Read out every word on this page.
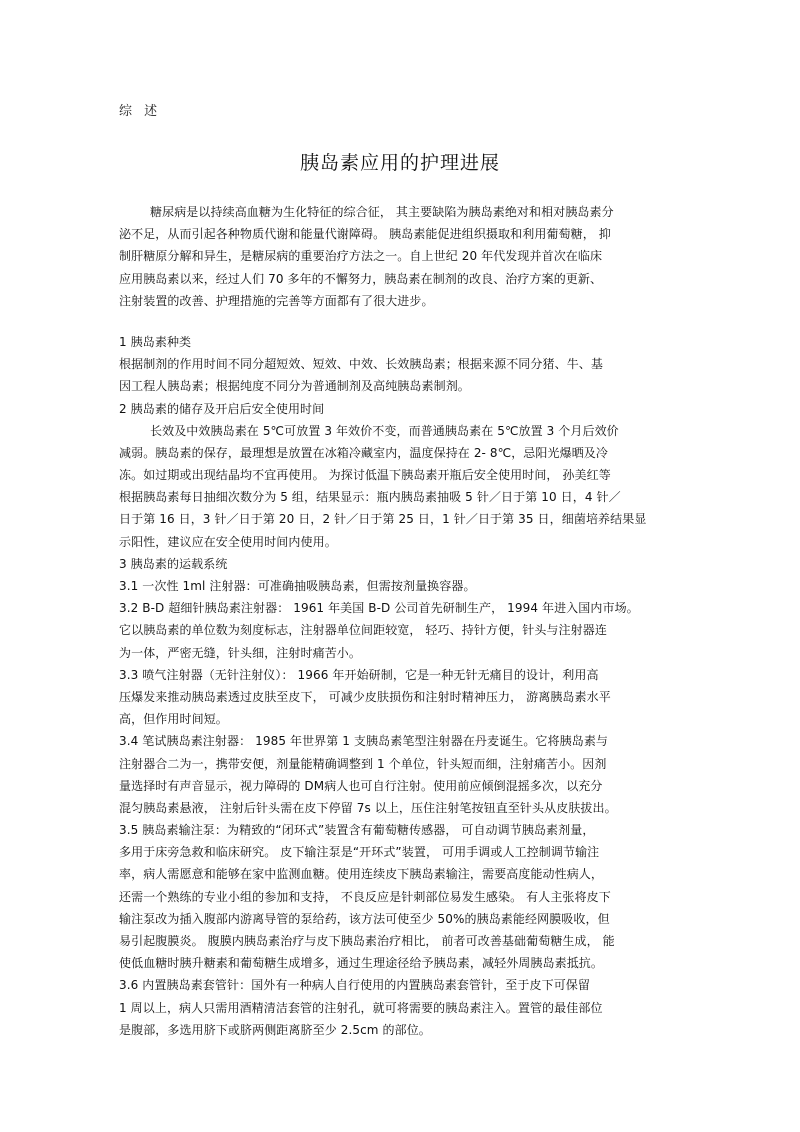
综 述
胰岛素应用的护理进展
糖尿病是以持续高血糖为生化特征的综合征， 其主要缺陷为胰岛素绝对和相对胰岛素分
泌不足，从而引起各种物质代谢和能量代谢障碍。 胰岛素能促进组织摄取和利用葡萄糖， 抑
制肝糖原分解和异生，是糖尿病的重要治疗方法之一。自上世纪 20 年代发现并首次在临床
应用胰岛素以来，经过人们 70 多年的不懈努力，胰岛素在制剂的改良、治疗方案的更新、
注射装置的改善、护理措施的完善等方面都有了很大进步。
1 胰岛素种类
根据制剂的作用时间不同分超短效、短效、中效、长效胰岛素；根据来源不同分猪、牛、基
因工程人胰岛素；根据纯度不同分为普通制剂及高纯胰岛素制剂。
2 胰岛素的储存及开启后安全使用时间
长效及中效胰岛素在 5℃可放置 3 年效价不变，而普通胰岛素在 5℃放置 3 个月后效价
减弱。胰岛素的保存，最理想是放置在冰箱冷藏室内，温度保持在 2- 8℃，忌阳光爆晒及冷
冻。如过期或出现结晶均不宜再使用。 为探讨低温下胰岛素开瓶后安全使用时间， 孙美红等
根据胰岛素每日抽细次数分为 5 组，结果显示：瓶内胰岛素抽吸 5 针／日于第 10 日，4 针／
日于第 16 日，3 针／日于第 20 日，2 针／日于第 25 日，1 针／日于第 35 日，细菌培养结果显
示阳性，建议应在安全使用时间内使用。
3 胰岛素的运载系统
3.1 一次性 1ml 注射器：可准确抽吸胰岛素，但需按剂量换容器。
3.2 B-D 超细针胰岛素注射器： 1961 年美国 B-D 公司首先研制生产， 1994 年进入国内市场。
它以胰岛素的单位数为刻度标志，注射器单位间距较宽， 轻巧、持针方便，针头与注射器连
为一体，严密无缝，针头细，注射时痛苦小。
3.3 喷气注射器（无针注射仪）： 1966 年开始研制，它是一种无针无痛目的设计，利用高
压爆发来推动胰岛素透过皮肤至皮下， 可减少皮肤损伤和注射时精神压力， 游离胰岛素水平
高，但作用时间短。
3.4 笔试胰岛素注射器： 1985 年世界第 1 支胰岛素笔型注射器在丹麦诞生。它将胰岛素与
注射器合二为一，携带安便，剂量能精确调整到 1 个单位，针头短而细，注射痛苦小。因剂
量选择时有声音显示，视力障碍的 DM病人也可自行注射。使用前应倾倒混摇多次，以充分
混匀胰岛素悬液， 注射后针头需在皮下停留 7s 以上，压住注射笔按钮直至针头从皮肤拔出。
3.5 胰岛素输注泵：为精致的“闭环式”装置含有葡萄糖传感器， 可自动调节胰岛素剂量，
多用于床旁急救和临床研究。 皮下输注泵是“开环式”装置， 可用手调或人工控制调节输注
率，病人需愿意和能够在家中监测血糖。使用连续皮下胰岛素输注，需要高度能动性病人，
还需一个熟练的专业小组的参加和支持， 不良反应是针刺部位易发生感染。 有人主张将皮下
输注泵改为插入腹部内游离导管的泵给药，该方法可使至少 50%的胰岛素能经网膜吸收，但
易引起腹膜炎。 腹膜内胰岛素治疗与皮下胰岛素治疗相比， 前者可改善基础葡萄糖生成， 能
使低血糖时胰升糖素和葡萄糖生成增多，通过生理途径给予胰岛素，减轻外周胰岛素抵抗。
3.6 内置胰岛素套管针：国外有一种病人自行使用的内置胰岛素套管针，至于皮下可保留
1 周以上，病人只需用酒精清洁套管的注射孔，就可将需要的胰岛素注入。置管的最佳部位
是腹部，多选用脐下或脐两侧距离脐至少 2.5cm 的部位。
